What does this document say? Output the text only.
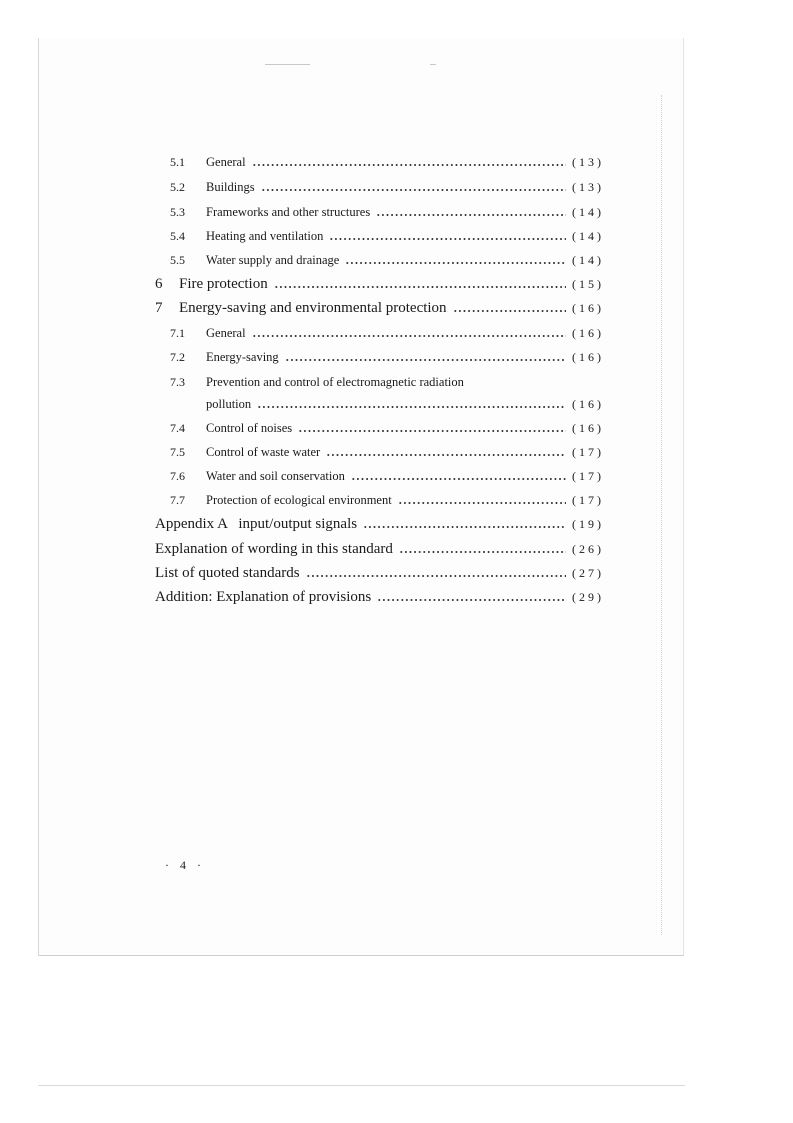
5.1	General	(13)
5.2	Buildings	(13)
5.3	Frameworks and other structures	(14)
5.4	Heating and ventilation	(14)
5.5	Water supply and drainage	(14)
6	Fire protection	(15)
7	Energy-saving and environmental protection	(16)
7.1	General	(16)
7.2	Energy-saving	(16)
7.3	Prevention and control of electromagnetic radiation
pollution	(16)
7.4	Control of noises	(16)
7.5	Control of waste water	(17)
7.6	Water and soil conservation	(17)
7.7	Protection of ecological environment	(17)
Appendix A   input/output signals	(19)
Explanation of wording in this standard	(26)
List of quoted standards	(27)
Addition: Explanation of provisions	(29)
· 4 ·
